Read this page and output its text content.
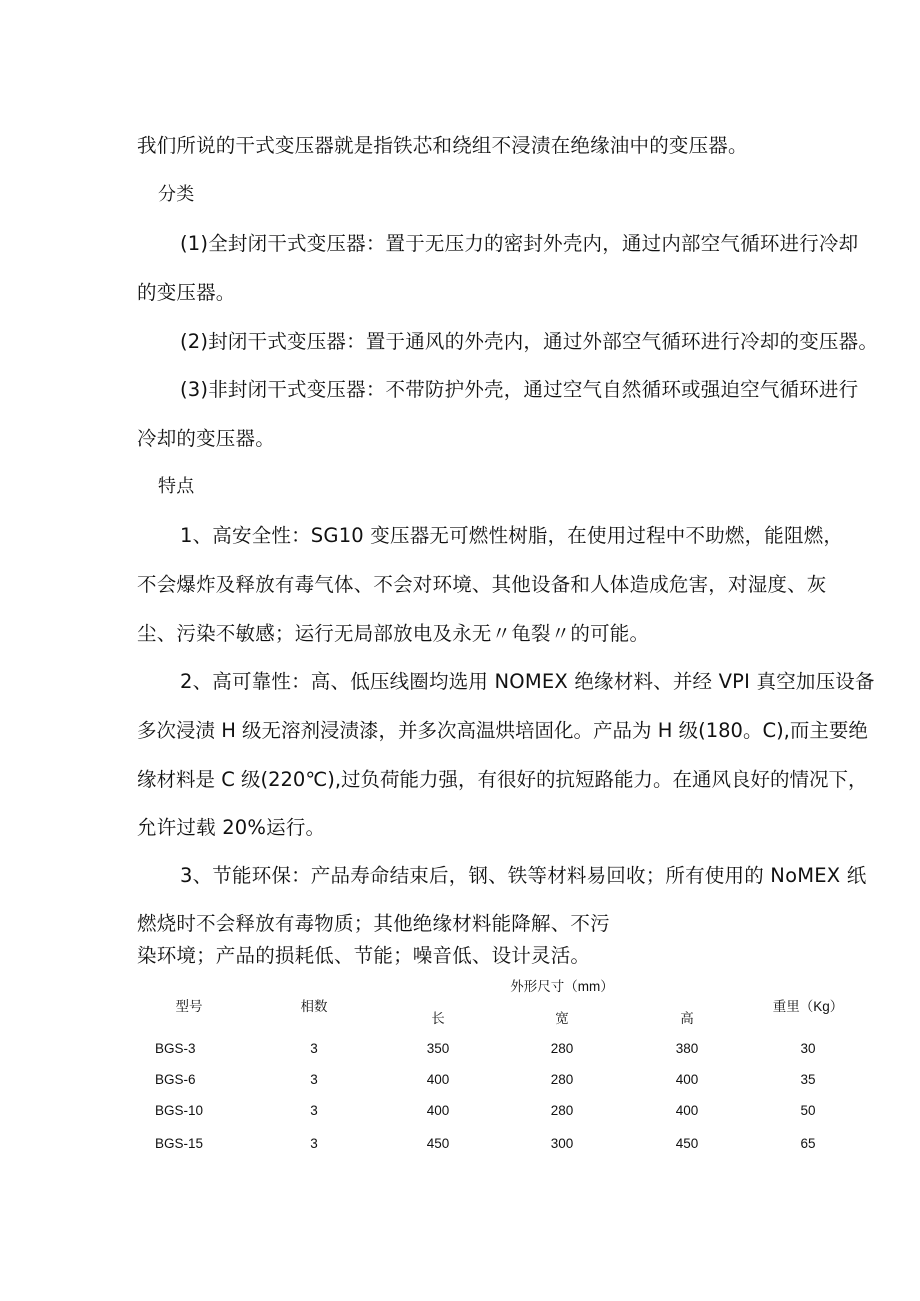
我们所说的干式变压器就是指铁芯和绕组不浸渍在绝缘油中的变压器。
分类
(1)全封闭干式变压器：置于无压力的密封外壳内，通过内部空气循环进行冷却
的变压器。
(2)封闭干式变压器：置于通风的外壳内，通过外部空气循环进行冷却的变压器。
(3)非封闭干式变压器：不带防护外壳，通过空气自然循环或强迫空气循环进行
冷却的变压器。
特点
1、高安全性：SG10 变压器无可燃性树脂，在使用过程中不助燃，能阻燃，
不会爆炸及释放有毒气体、不会对环境、其他设备和人体造成危害，对湿度、灰
尘、污染不敏感；运行无局部放电及永无〃龟裂〃的可能。
2、高可靠性：高、低压线圈均选用 NOMEX 绝缘材料、并经 VPI 真空加压设备
多次浸渍 H 级无溶剂浸渍漆，并多次高温烘培固化。产品为 H 级(180。C),而主要绝
缘材料是 C 级(220℃),过负荷能力强，有很好的抗短路能力。在通风良好的情况下，
允许过载 20%运行。
3、节能环保：产品寿命结束后，钢、铁等材料易回收；所有使用的 NoMEX 纸
燃烧时不会释放有毒物质；其他绝缘材料能降解、不污
染环境；产品的损耗低、节能；噪音低、设计灵活。
型号	相数
外形尺寸（mm）
长	宽	高
重里（Kg）
BGS-3	3	350	280	380	30
BGS-6	3	400	280	400	35
BGS-10	3	400	280	400	50
BGS-15	3	450	300	450	65
